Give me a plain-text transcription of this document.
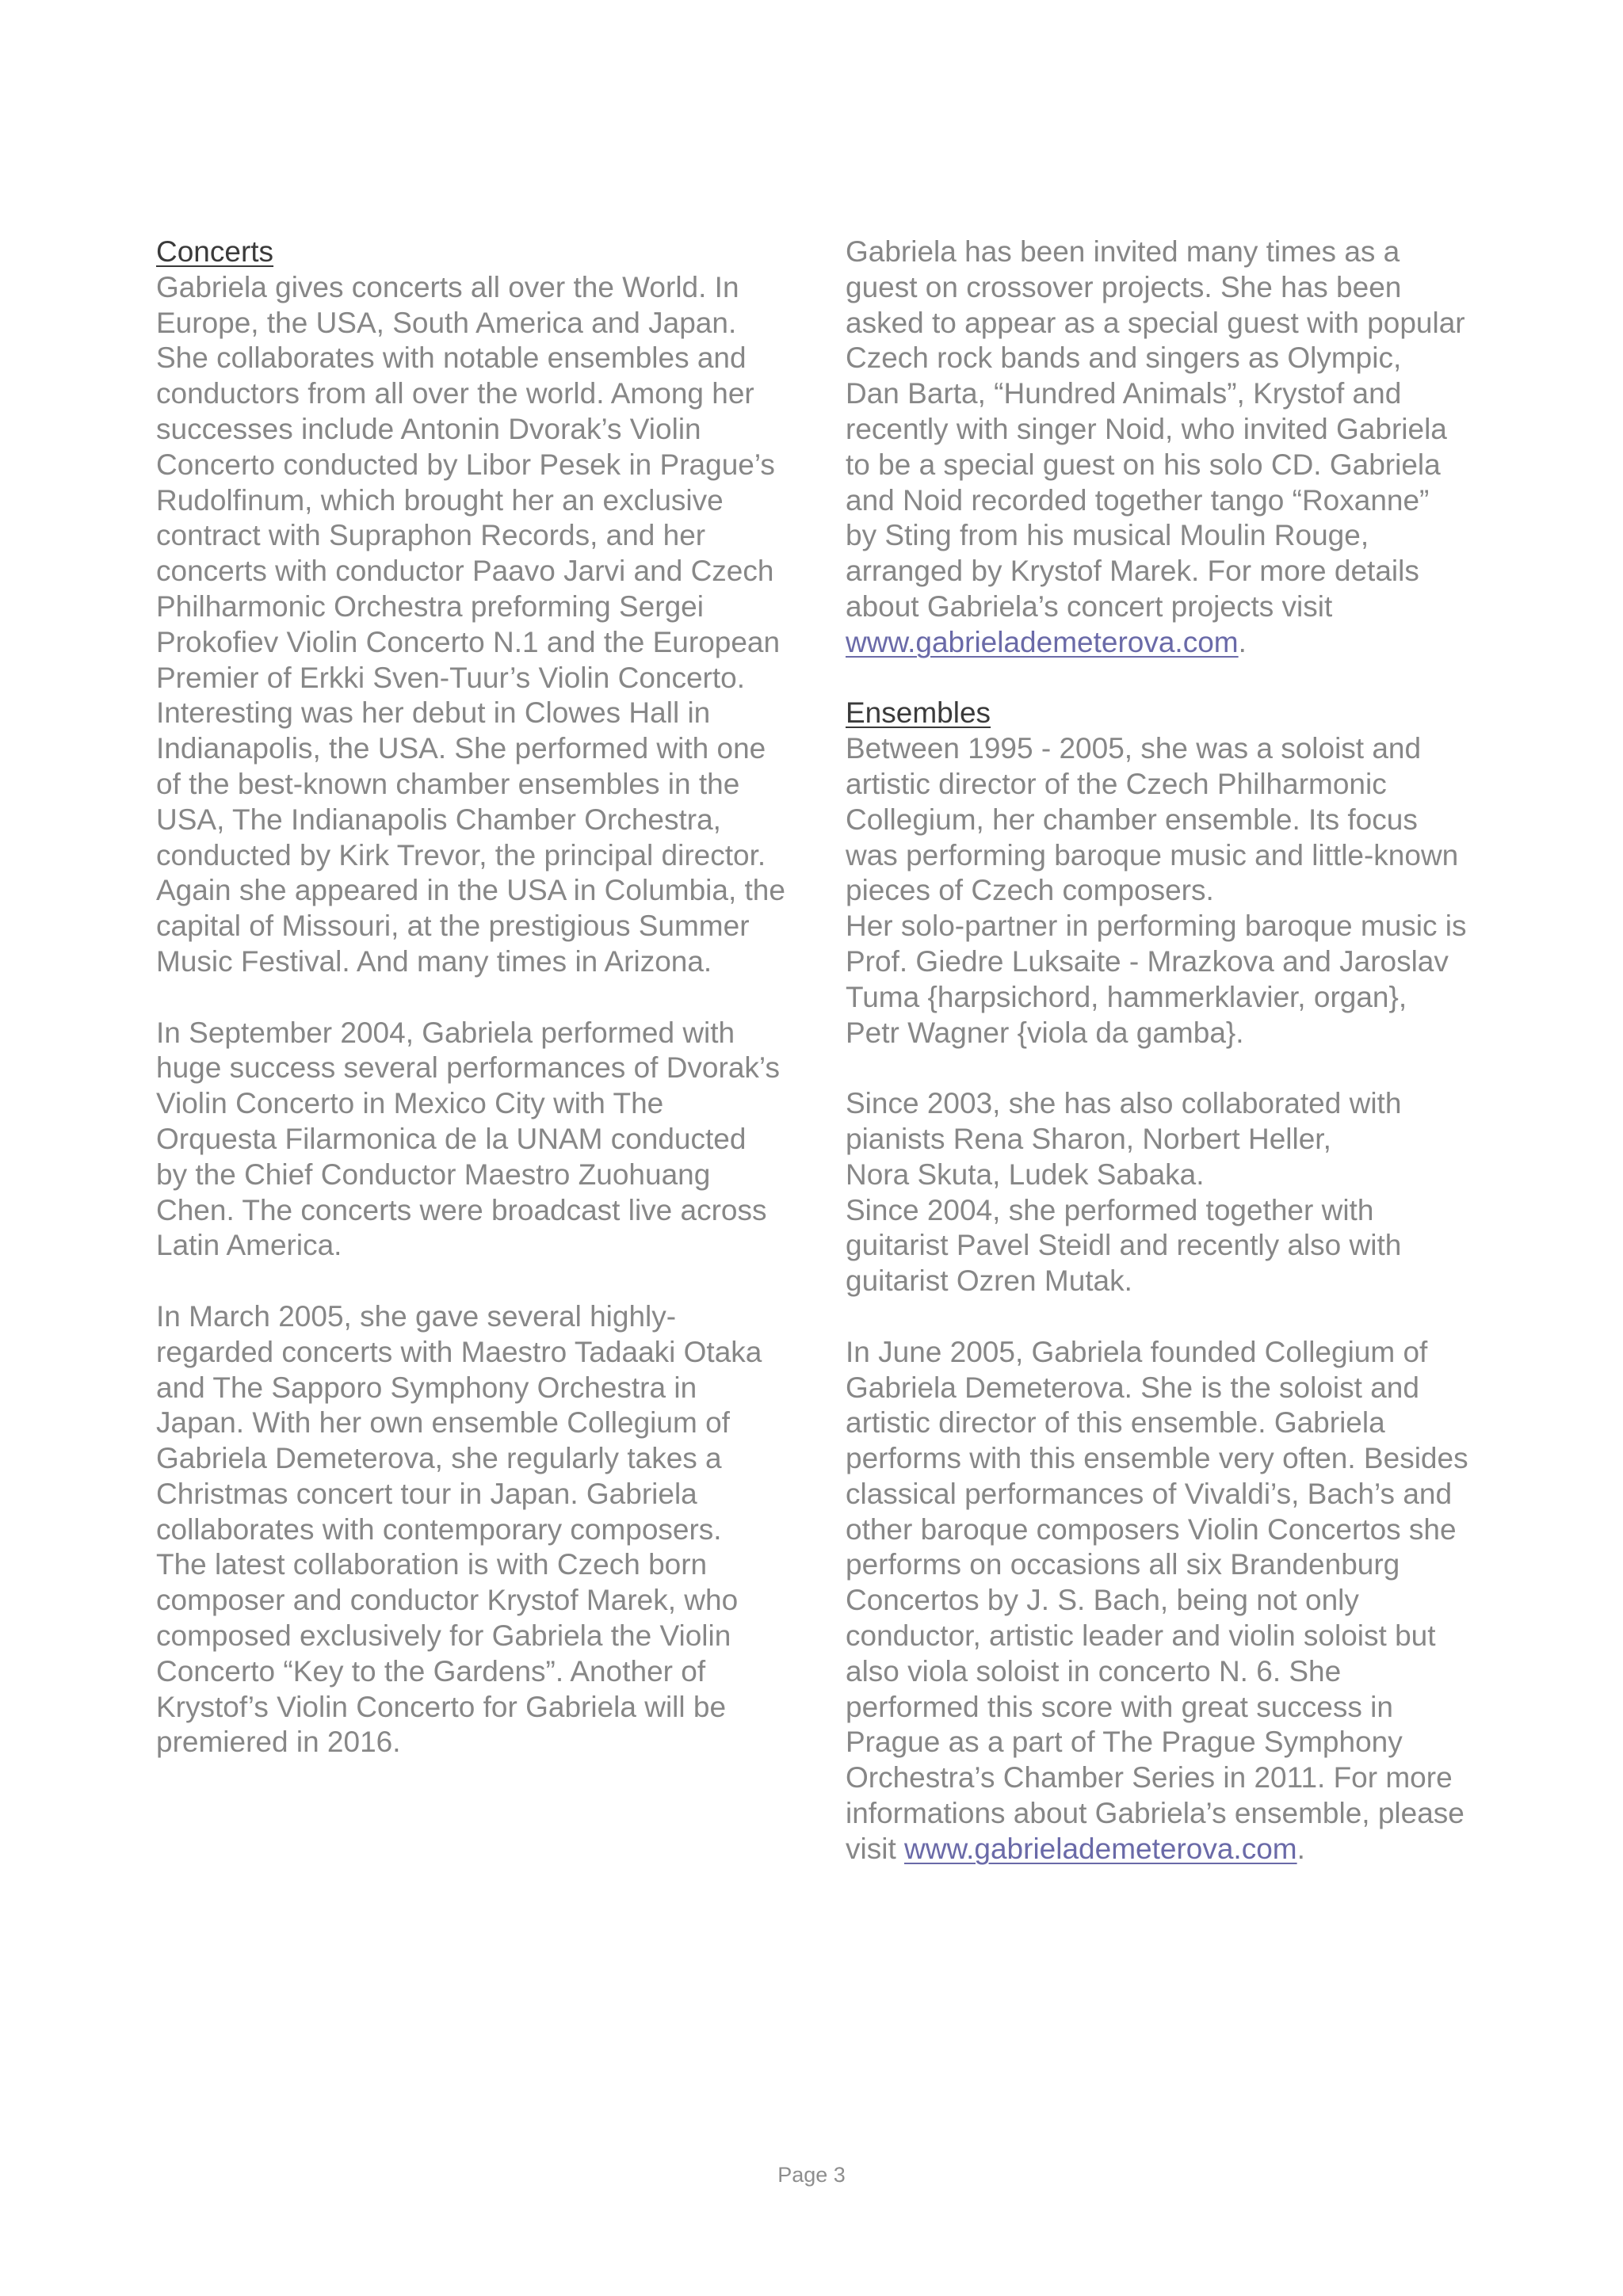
Concerts
Gabriela gives concerts all over the World. In
Europe, the USA, South America and Japan.
She collaborates with notable ensembles and
conductors from all over the world. Among her
successes include Antonin Dvorak’s Violin
Concerto conducted by Libor Pesek in Prague’s
Rudolfinum, which brought her an exclusive
contract with Supraphon Records, and her
concerts with conductor Paavo Jarvi and Czech
Philharmonic Orchestra preforming Sergei
Prokofiev Violin Concerto N.1 and the European
Premier of Erkki Sven-Tuur’s Violin Concerto.
Interesting was her debut in Clowes Hall in
Indianapolis, the USA. She performed with one
of the best-known chamber ensembles in the
USA, The Indianapolis Chamber Orchestra,
conducted by Kirk Trevor, the principal director.
Again she appeared in the USA in Columbia, the
capital of Missouri, at the prestigious Summer
Music Festival. And many times in Arizona.
In September 2004, Gabriela performed with
huge success several performances of Dvorak’s
Violin Concerto in Mexico City with The
Orquesta Filarmonica de la UNAM conducted
by the Chief Conductor Maestro Zuohuang
Chen. The concerts were broadcast live across
Latin America.
In March 2005, she gave several highly-
regarded concerts with Maestro Tadaaki Otaka
and The Sapporo Symphony Orchestra in
Japan. With her own ensemble Collegium of
Gabriela Demeterova, she regularly takes a
Christmas concert tour in Japan. Gabriela
collaborates with contemporary composers.
The latest collaboration is with Czech born
composer and conductor Krystof Marek, who
composed exclusively for Gabriela the Violin
Concerto “Key to the Gardens”. Another of
Krystof’s Violin Concerto for Gabriela will be
premiered in 2016.
Gabriela has been invited many times as a
guest on crossover projects. She has been
asked to appear as a special guest with popular
Czech rock bands and singers as Olympic,
Dan Barta, “Hundred Animals”, Krystof and
recently with singer Noid, who invited Gabriela
to be a special guest on his solo CD. Gabriela
and Noid recorded together tango “Roxanne”
by Sting from his musical Moulin Rouge,
arranged by Krystof Marek. For more details
about Gabriela’s concert projects visit
www.gabrielademeterova.com.
Ensembles
Between 1995 - 2005, she was a soloist and
artistic director of the Czech Philharmonic
Collegium, her chamber ensemble. Its focus
was performing baroque music and little-known
pieces of Czech composers.
Her solo-partner in performing baroque music is
Prof. Giedre Luksaite - Mrazkova and Jaroslav
Tuma {harpsichord, hammerklavier, organ},
Petr Wagner {viola da gamba}.
Since 2003, she has also collaborated with
pianists Rena Sharon, Norbert Heller,
Nora Skuta, Ludek Sabaka.
Since 2004, she performed together with
guitarist Pavel Steidl and recently also with
guitarist Ozren Mutak.
In June 2005, Gabriela founded Collegium of
Gabriela Demeterova. She is the soloist and
artistic director of this ensemble. Gabriela
performs with this ensemble very often. Besides
classical performances of Vivaldi’s, Bach’s and
other baroque composers Violin Concertos she
performs on occasions all six Brandenburg
Concertos by J. S. Bach, being not only
conductor, artistic leader and violin soloist but
also viola soloist in concerto N. 6. She
performed this score with great success in
Prague as a part of The Prague Symphony
Orchestra’s Chamber Series in 2011. For more
informations about Gabriela’s ensemble, please
visit www.gabrielademeterova.com.
Page 3
